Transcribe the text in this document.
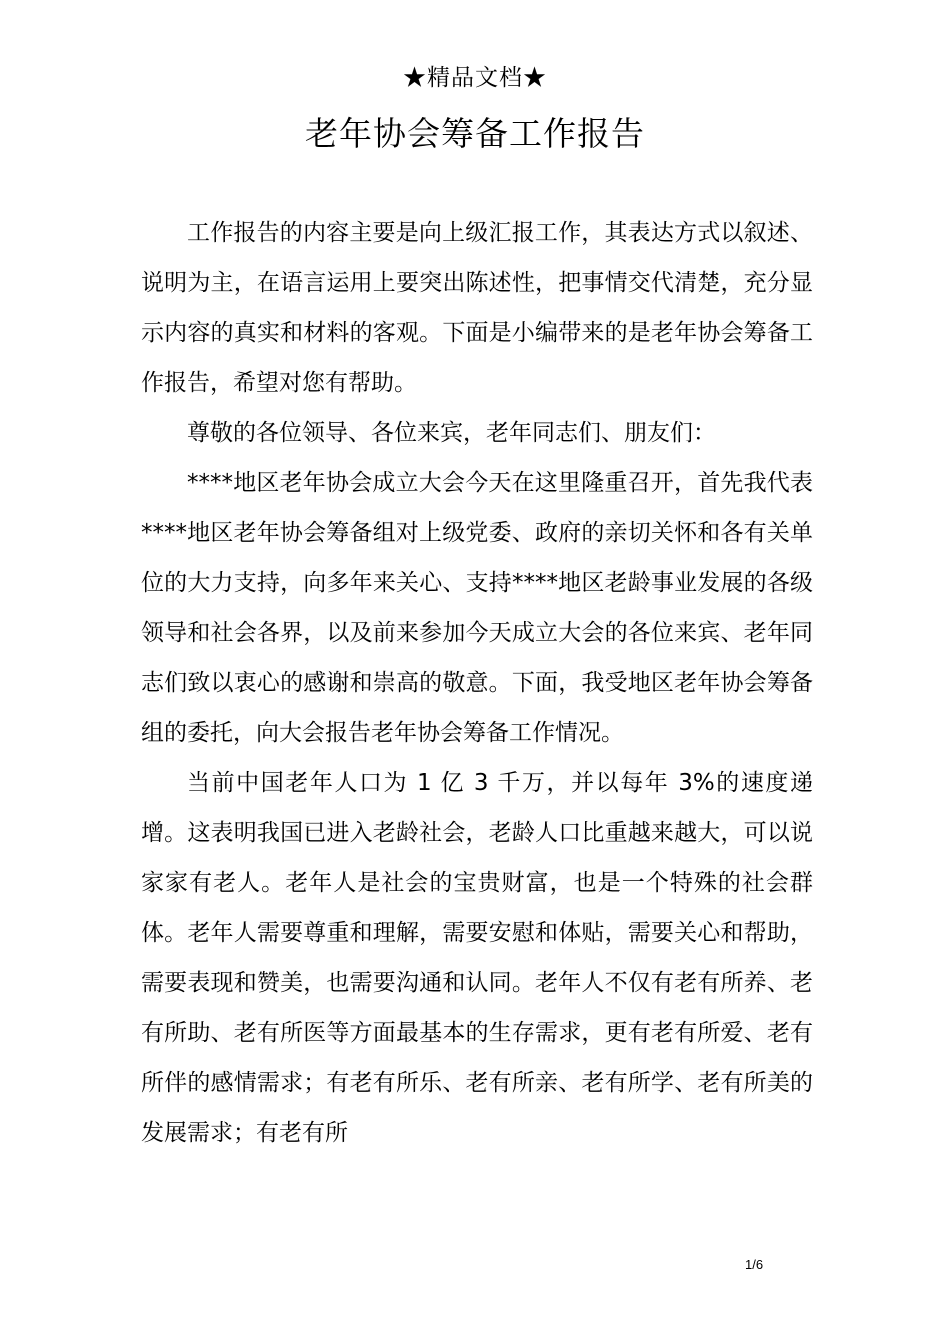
★精品文档★
老年协会筹备工作报告

工作报告的内容主要是向上级汇报工作，其表达方式以叙述、说明为主，在语言运用上要突出陈述性，把事情交代清楚，充分显示内容的真实和材料的客观。下面是小编带来的是老年协会筹备工作报告，希望对您有帮助。

尊敬的各位领导、各位来宾，老年同志们、朋友们：

****地区老年协会成立大会今天在这里隆重召开，首先我代表****地区老年协会筹备组对上级党委、政府的亲切关怀和各有关单位的大力支持，向多年来关心、支持****地区老龄事业发展的各级领导和社会各界，以及前来参加今天成立大会的各位来宾、老年同志们致以衷心的感谢和崇高的敬意。下面，我受地区老年协会筹备组的委托，向大会报告老年协会筹备工作情况。

当前中国老年人口为 1 亿 3 千万，并以每年 3%的速度递增。这表明我国已进入老龄社会，老龄人口比重越来越大，可以说家家有老人。老年人是社会的宝贵财富，也是一个特殊的社会群体。老年人需要尊重和理解，需要安慰和体贴，需要关心和帮助，需要表现和赞美，也需要沟通和认同。老年人不仅有老有所养、老有所助、老有所医等方面最基本的生存需求，更有老有所爱、老有所伴的感情需求；有老有所乐、老有所亲、老有所学、老有所美的发展需求；有老有所

1/6
